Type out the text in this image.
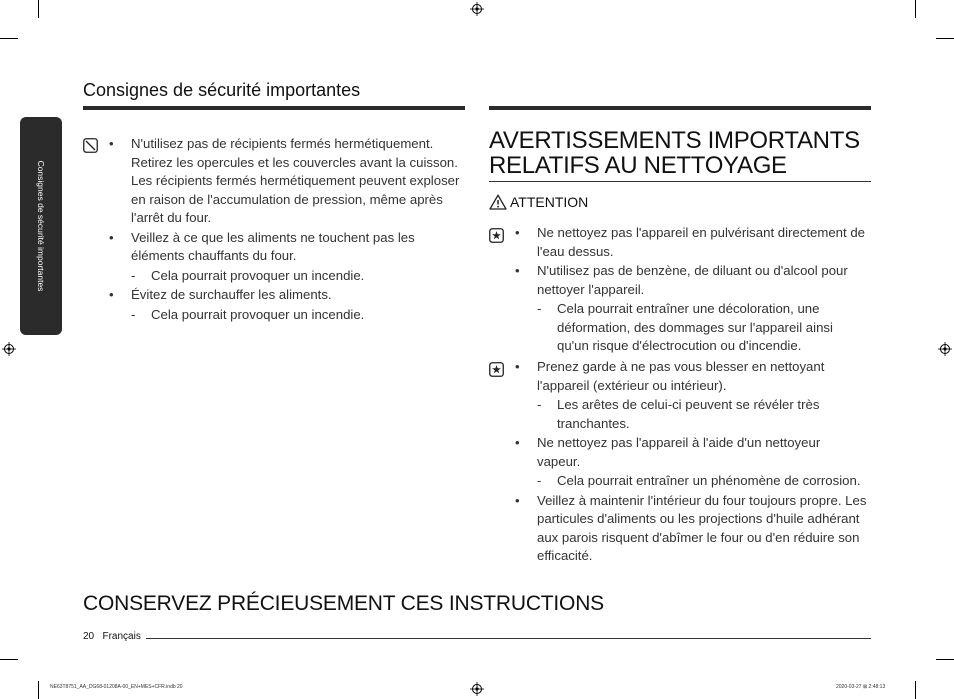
Consignes de sécurité importantes
Consignes de sécurité importantes
• N'utilisez pas de récipients fermés hermétiquement. Retirez les opercules et les couvercles avant la cuisson. Les récipients fermés hermétiquement peuvent exploser en raison de l'accumulation de pression, même après l'arrêt du four.
• Veillez à ce que les aliments ne touchent pas les éléments chauffants du four.
- Cela pourrait provoquer un incendie.
• Évitez de surchauffer les aliments.
- Cela pourrait provoquer un incendie.
AVERTISSEMENTS IMPORTANTS RELATIFS AU NETTOYAGE
ATTENTION
• Ne nettoyez pas l'appareil en pulvérisant directement de l'eau dessus.
• N'utilisez pas de benzène, de diluant ou d'alcool pour nettoyer l'appareil.
- Cela pourrait entraîner une décoloration, une déformation, des dommages sur l'appareil ainsi qu'un risque d'électrocution ou d'incendie.
• Prenez garde à ne pas vous blesser en nettoyant l'appareil (extérieur ou intérieur).
- Les arêtes de celui-ci peuvent se révéler très tranchantes.
• Ne nettoyez pas l'appareil à l'aide d'un nettoyeur vapeur.
- Cela pourrait entraîner un phénomène de corrosion.
• Veillez à maintenir l'intérieur du four toujours propre. Les particules d'aliments ou les projections d'huile adhérant aux parois risquent d'abîmer le four ou d'en réduire son efficacité.
CONSERVEZ PRÉCIEUSEMENT CES INSTRUCTIONS
20 Français
NE63T8751_AA_DG68-01208A-00_EN+MES+CFR.indb 20	2020-03-27 ⊠ 2:48:13
